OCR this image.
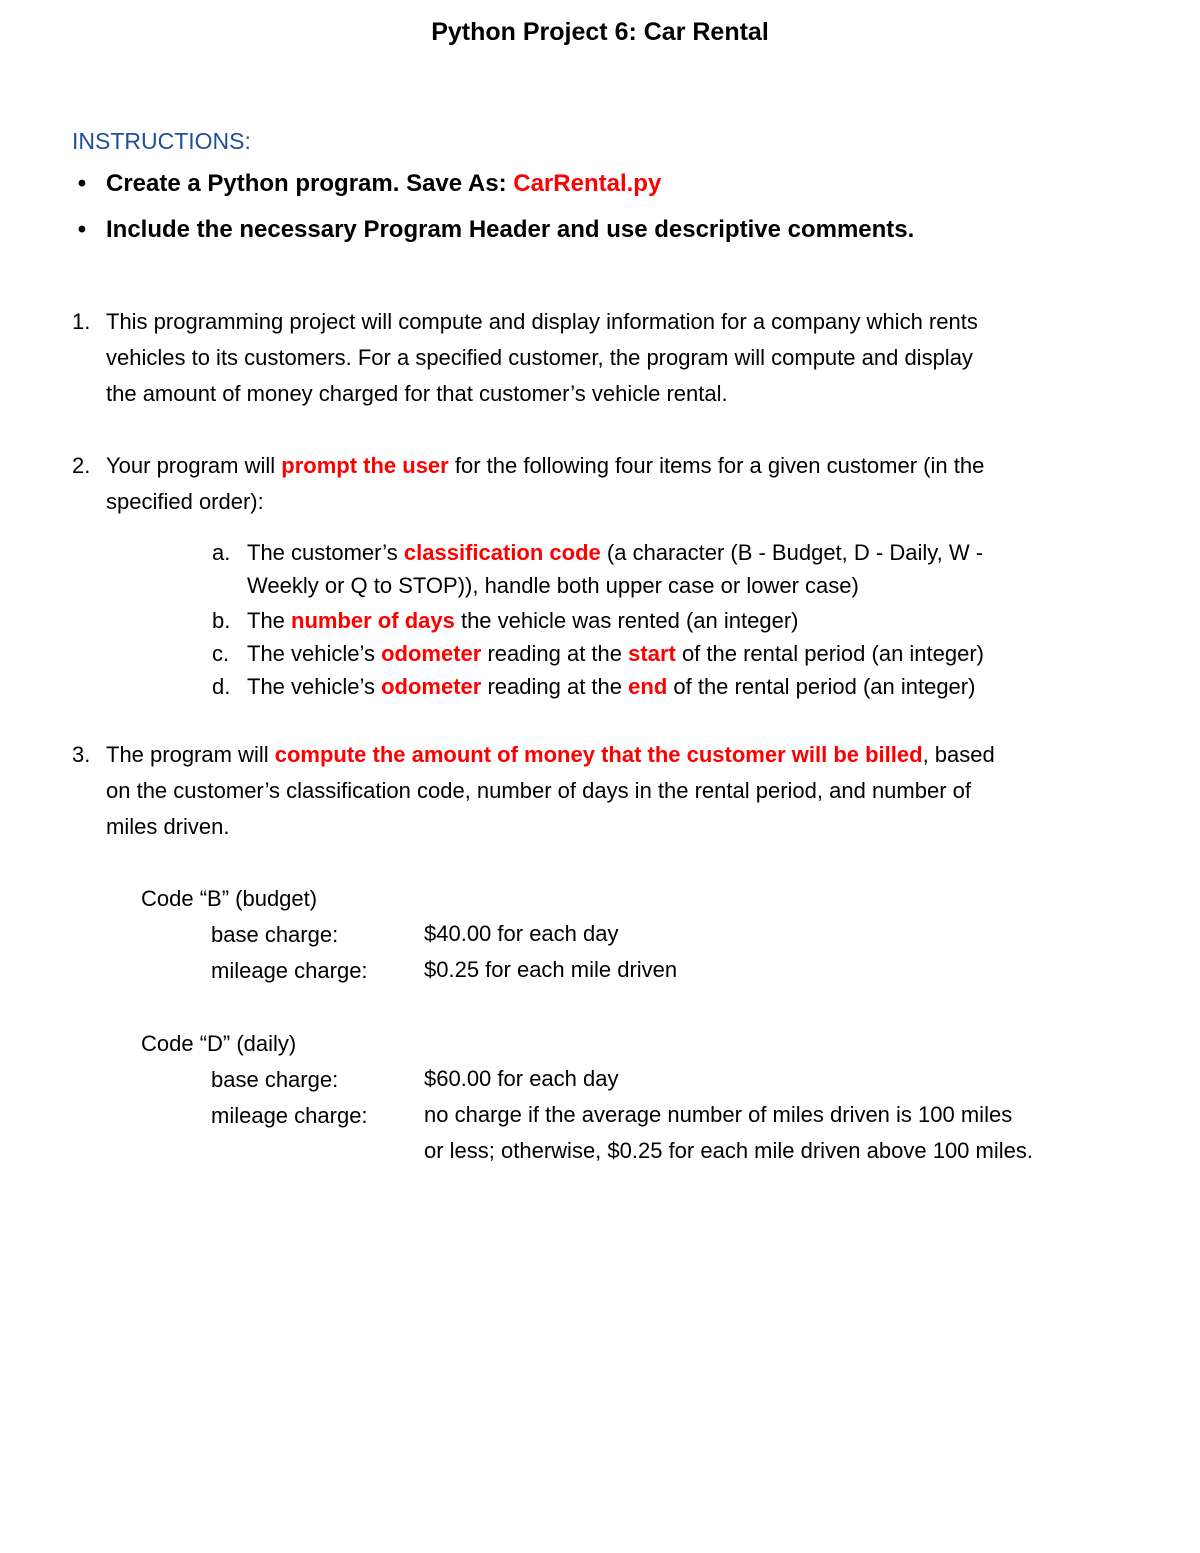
Python Project 6: Car Rental
INSTRUCTIONS:
• Create a Python program. Save As: CarRental.py
• Include the necessary Program Header and use descriptive comments.
1. This programming project will compute and display information for a company which rents
vehicles to its customers. For a specified customer, the program will compute and display
the amount of money charged for that customer’s vehicle rental.
2. Your program will prompt the user for the following four items for a given customer (in the
specified order):
a. The customer’s classification code (a character (B - Budget, D - Daily, W -
Weekly or Q to STOP)), handle both upper case or lower case)
b. The number of days the vehicle was rented (an integer)
c. The vehicle’s odometer reading at the start of the rental period (an integer)
d. The vehicle’s odometer reading at the end of the rental period (an integer)
3. The program will compute the amount of money that the customer will be billed, based
on the customer’s classification code, number of days in the rental period, and number of
miles driven.
Code “B” (budget)
base charge:	$40.00 for each day
mileage charge:	$0.25 for each mile driven
Code “D” (daily)
base charge:	$60.00 for each day
mileage charge:	no charge if the average number of miles driven is 100 miles
or less; otherwise, $0.25 for each mile driven above 100 miles.
